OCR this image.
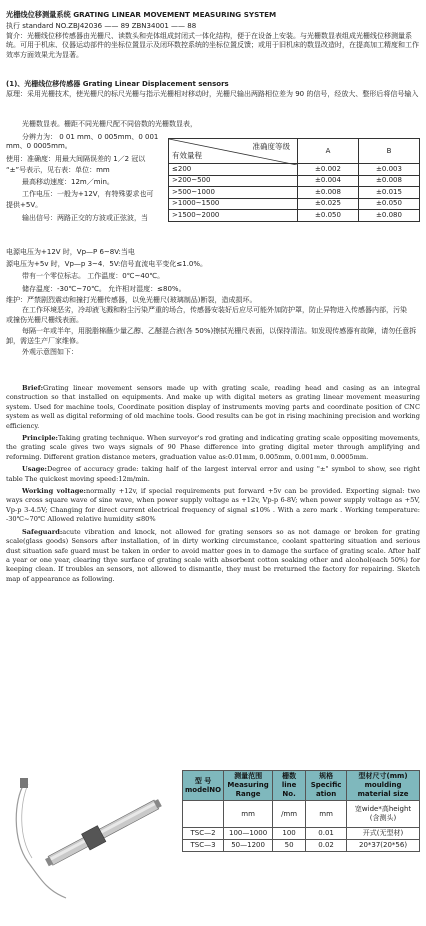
光栅线位移测量系统 GRATING LINEAR MOVEMENT MEASURING SYSTEM

执行 standard NO.ZBJ42036 —— 89 ZBN34001 —— 88

简介：光栅线位移传感器由光栅尺、读数头和壳体组成封闭式一体化结构，便于在设备上安装。与光栅数显表组成光栅线位移测量系统。可用于机床、仪器运动部件的坐标位置显示及闭环数控系统的坐标位置反馈；或用于旧机床的数显改造时，在提高加工精度和工作效率方面效果尤为显著。

(1)、光栅线位移传感器 Grating Linear Displacement sensors

原理：采用光栅技术，使光栅尺的标尺光栅与指示光栅相对移动时，光栅尺输出两路相位差为 90 的信号，经放大、整形后将信号输入

光栅数显表。栅距不同光栅尺配不同倍数的光栅数显表，

分辨力为： 0 01 mm、0 005mm、0 001 mm、0 0005mm。

使用：准确度：用最大间隔误差的 1／2 冠以

“±”号表示，见右表：单位：mm

最高移动速度：12m／min。

工作电压：一般为+12V，有特殊要求也可

提供+5V。

输出信号：两路正交的方波或正弦波，当

电源电压为+12V 时，Vp—P 6~8V:当电

源电压为+5v 时，Vp—p 3~4．5V:信号直流电平变化≤1.0%。

带有一个零位标志。 工作温度：0℃~40℃。

储存温度：-30℃~70℃。 允许相对湿度：≤80%。

维护：严禁剧烈震动和撞打光栅传感器，以免光栅尺(玻璃制品)断裂，造成损坏。

在工作环境恶劣，冷却液飞溅和粉尘污染严重的场合，传感器安装好后应尽可能外加防护罩，防止异物进入传感器内部，污染

或撞伤光栅尺栅线表面。

每隔一年或半年，用脱脂棉蘸少量乙醇、乙醚混合液(各 50%)擦拭光栅尺表面，以保持清洁。如发现传感器有故障，请勿任意拆卸，需送生产厂家维修。

外观示意图如下：

准确度等级
有效量程	A	B
≤200	±0.002	±0.003
>200~500	±0.004	±0.008
>500~1000	±0.008	±0.015
>1000~1500	±0.025	±0.050
>1500~2000	±0.050	±0.080

Brief:Grating linear movement sensors made up with grating scale, reading head and casing as an integral construction so that installed on equipments. And make up with digital meters as grating linear movement measuring system. Used for machine tools, Coordinate position display of instruments moving parts and coordinate position of CNC system as well as digital reforming of old machine tools. Good results can be got in rising machining precision and working efficiency.

Principle:Taking grating technique. When surveyor's rod grating and indicating grating scale oppositing movements, the grating scale gives two ways signals of 90 Phase difference into grating digital meter through amplifying and reforming. Different gration distance meters, graduation value as:0.01mm, 0.005mm, 0.001mm, 0.0005mm.

Usage:Degree of accuracy grade: taking half of the largest interval error and using "±" symbol to show, see right table The quickest moving speed:12m/min.

Working voltage:normally +12v, if special requirements put forward +5v can be provided. Exporting signal: two ways cross square wave of sine wave, when power supply voltage as +12v, Vp-p 6-8V; when power supply voltage as +5V, Vp-p 3-4.5V; Changing for direct current electrical frequency of signal ≤10% . With a zero mark . Working temperature: -30℃~70℃ Allowed relative humidity ≤80%

Safeguard:acute vibration and knock, not allowed for grating sensors so as not damage or broken for grating scale(glass goods) Sensors after installation, of in dirty working circumstance, coolant spattering situation and serious dust situation safe guard must be taken in order to avoid matter goes in to damage the surface of grating scale. After half a year or one year, clearing thye surface of grating scale with absorbent cotton soaking other and alcohol(each 50%) for keeping clean. If troubles an sensors, not allowed to dismantle, they must be rreturned the factory for repairing. Sketch map of appearance as following.

型 号
modelNO	测量范围
Measuring
Range	栅数
line
No.	规格
Specific
ation	型材尺寸(mm)
moulding
material size
	mm	/mm	mm	宽wide*高height
(含测头)
TSC—2	100—1000	100	0.01	开式(无型材)
TSC—3	50—1200	50	0.02	20*37(20*56)
